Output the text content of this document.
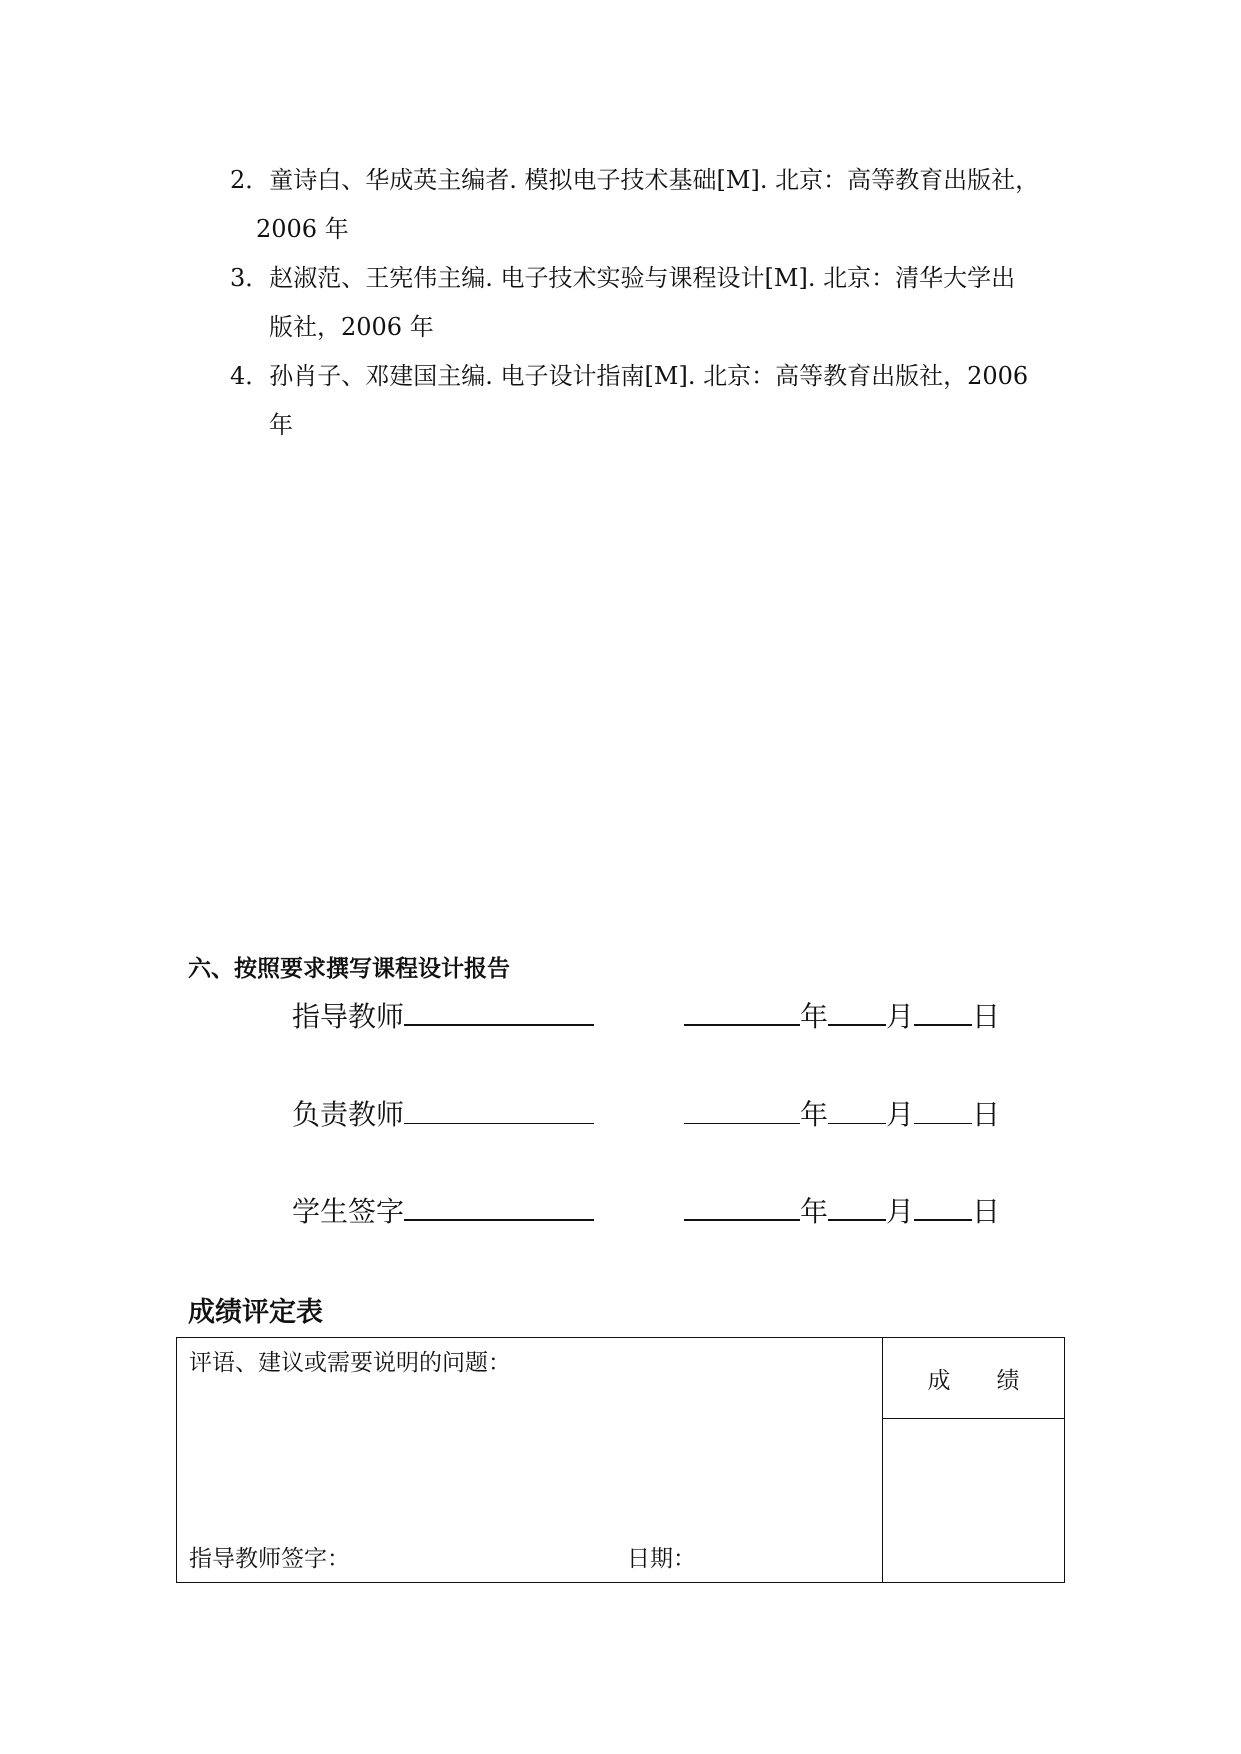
2．童诗白、华成英主编者. 模拟电子技术基础[M]. 北京：高等教育出版社，
2006 年
3．赵淑范、王宪伟主编. 电子技术实验与课程设计[M]. 北京：清华大学出
版社，2006 年
4．孙肖子、邓建国主编. 电子设计指南[M]. 北京：高等教育出版社，2006
年
六、按照要求撰写课程设计报告
指导教师	年 月 日
负责教师	年 月 日
学生签字	年 月 日
成绩评定表
评语、建议或需要说明的问题：
指导教师签字：	日期：
	成　　绩
